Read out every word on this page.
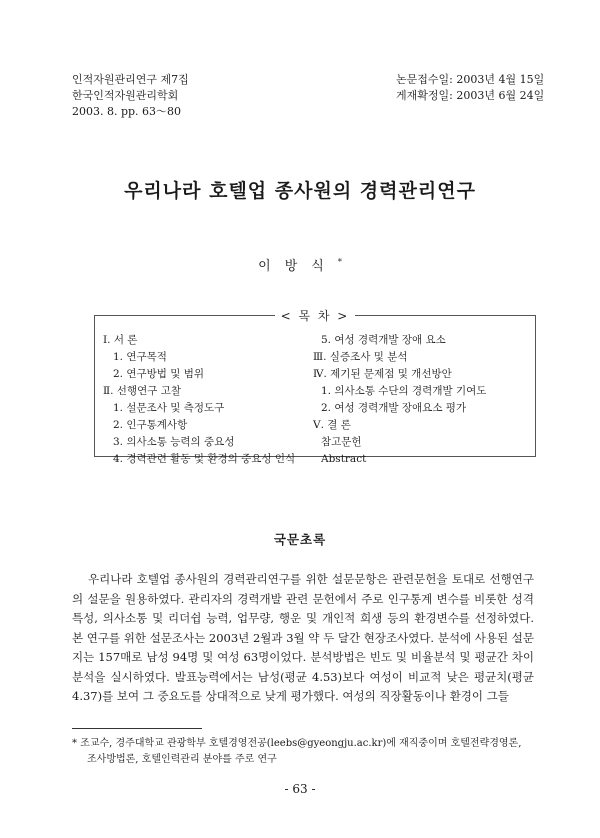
인적자원관리연구 제7집
한국인적자원관리학회
2003. 8. pp. 63～80
논문접수일: 2003년 4월 15일
게재확정일: 2003년 6월 24일
우리나라 호텔업 종사원의 경력관리연구
이방식*
< 목 차 >
Ⅰ. 서 론
1. 연구목적
2. 연구방법 및 범위
Ⅱ. 선행연구 고찰
1. 설문조사 및 측정도구
2. 인구통계사항
3. 의사소통 능력의 중요성
4. 경력관련 활동 및 환경의 중요성 인식
5. 여성 경력개발 장애 요소
Ⅲ. 실증조사 및 분석
Ⅳ. 제기된 문제점 및 개선방안
1. 의사소통 수단의 경력개발 기여도
2. 여성 경력개발 장애요소 평가
Ⅴ. 결 론
참고문헌
Abstract
국문초록

우리나라 호텔업 종사원의 경력관리연구를 위한 설문문항은 관련문헌을 토대로 선행연구의 설문을 원용하였다. 관리자의 경력개발 관련 문헌에서 주로 인구통계 변수를 비롯한 성격특성, 의사소통 및 리더쉽 능력, 업무량, 행운 및 개인적 희생 등의 환경변수를 선정하였다. 본 연구를 위한 설문조사는 2003년 2월과 3월 약 두 달간 현장조사였다. 분석에 사용된 설문지는 157매로 남성 94명 및 여성 63명이었다. 분석방법은 빈도 및 비율분석 및 평균간 차이분석을 실시하였다. 발표능력에서는 남성(평균 4.53)보다 여성이 비교적 낮은 평균치(평균4.37)를 보여 그 중요도를 상대적으로 낮게 평가했다. 여성의 직장활동이나 환경이 그들

* 조교수, 경주대학교 관광학부 호텔경영전공(leebs@gyeongju.ac.kr)에 재직중이며 호텔전략경영론,
조사방법론, 호텔인력관리 분야를 주로 연구
- 63 -
